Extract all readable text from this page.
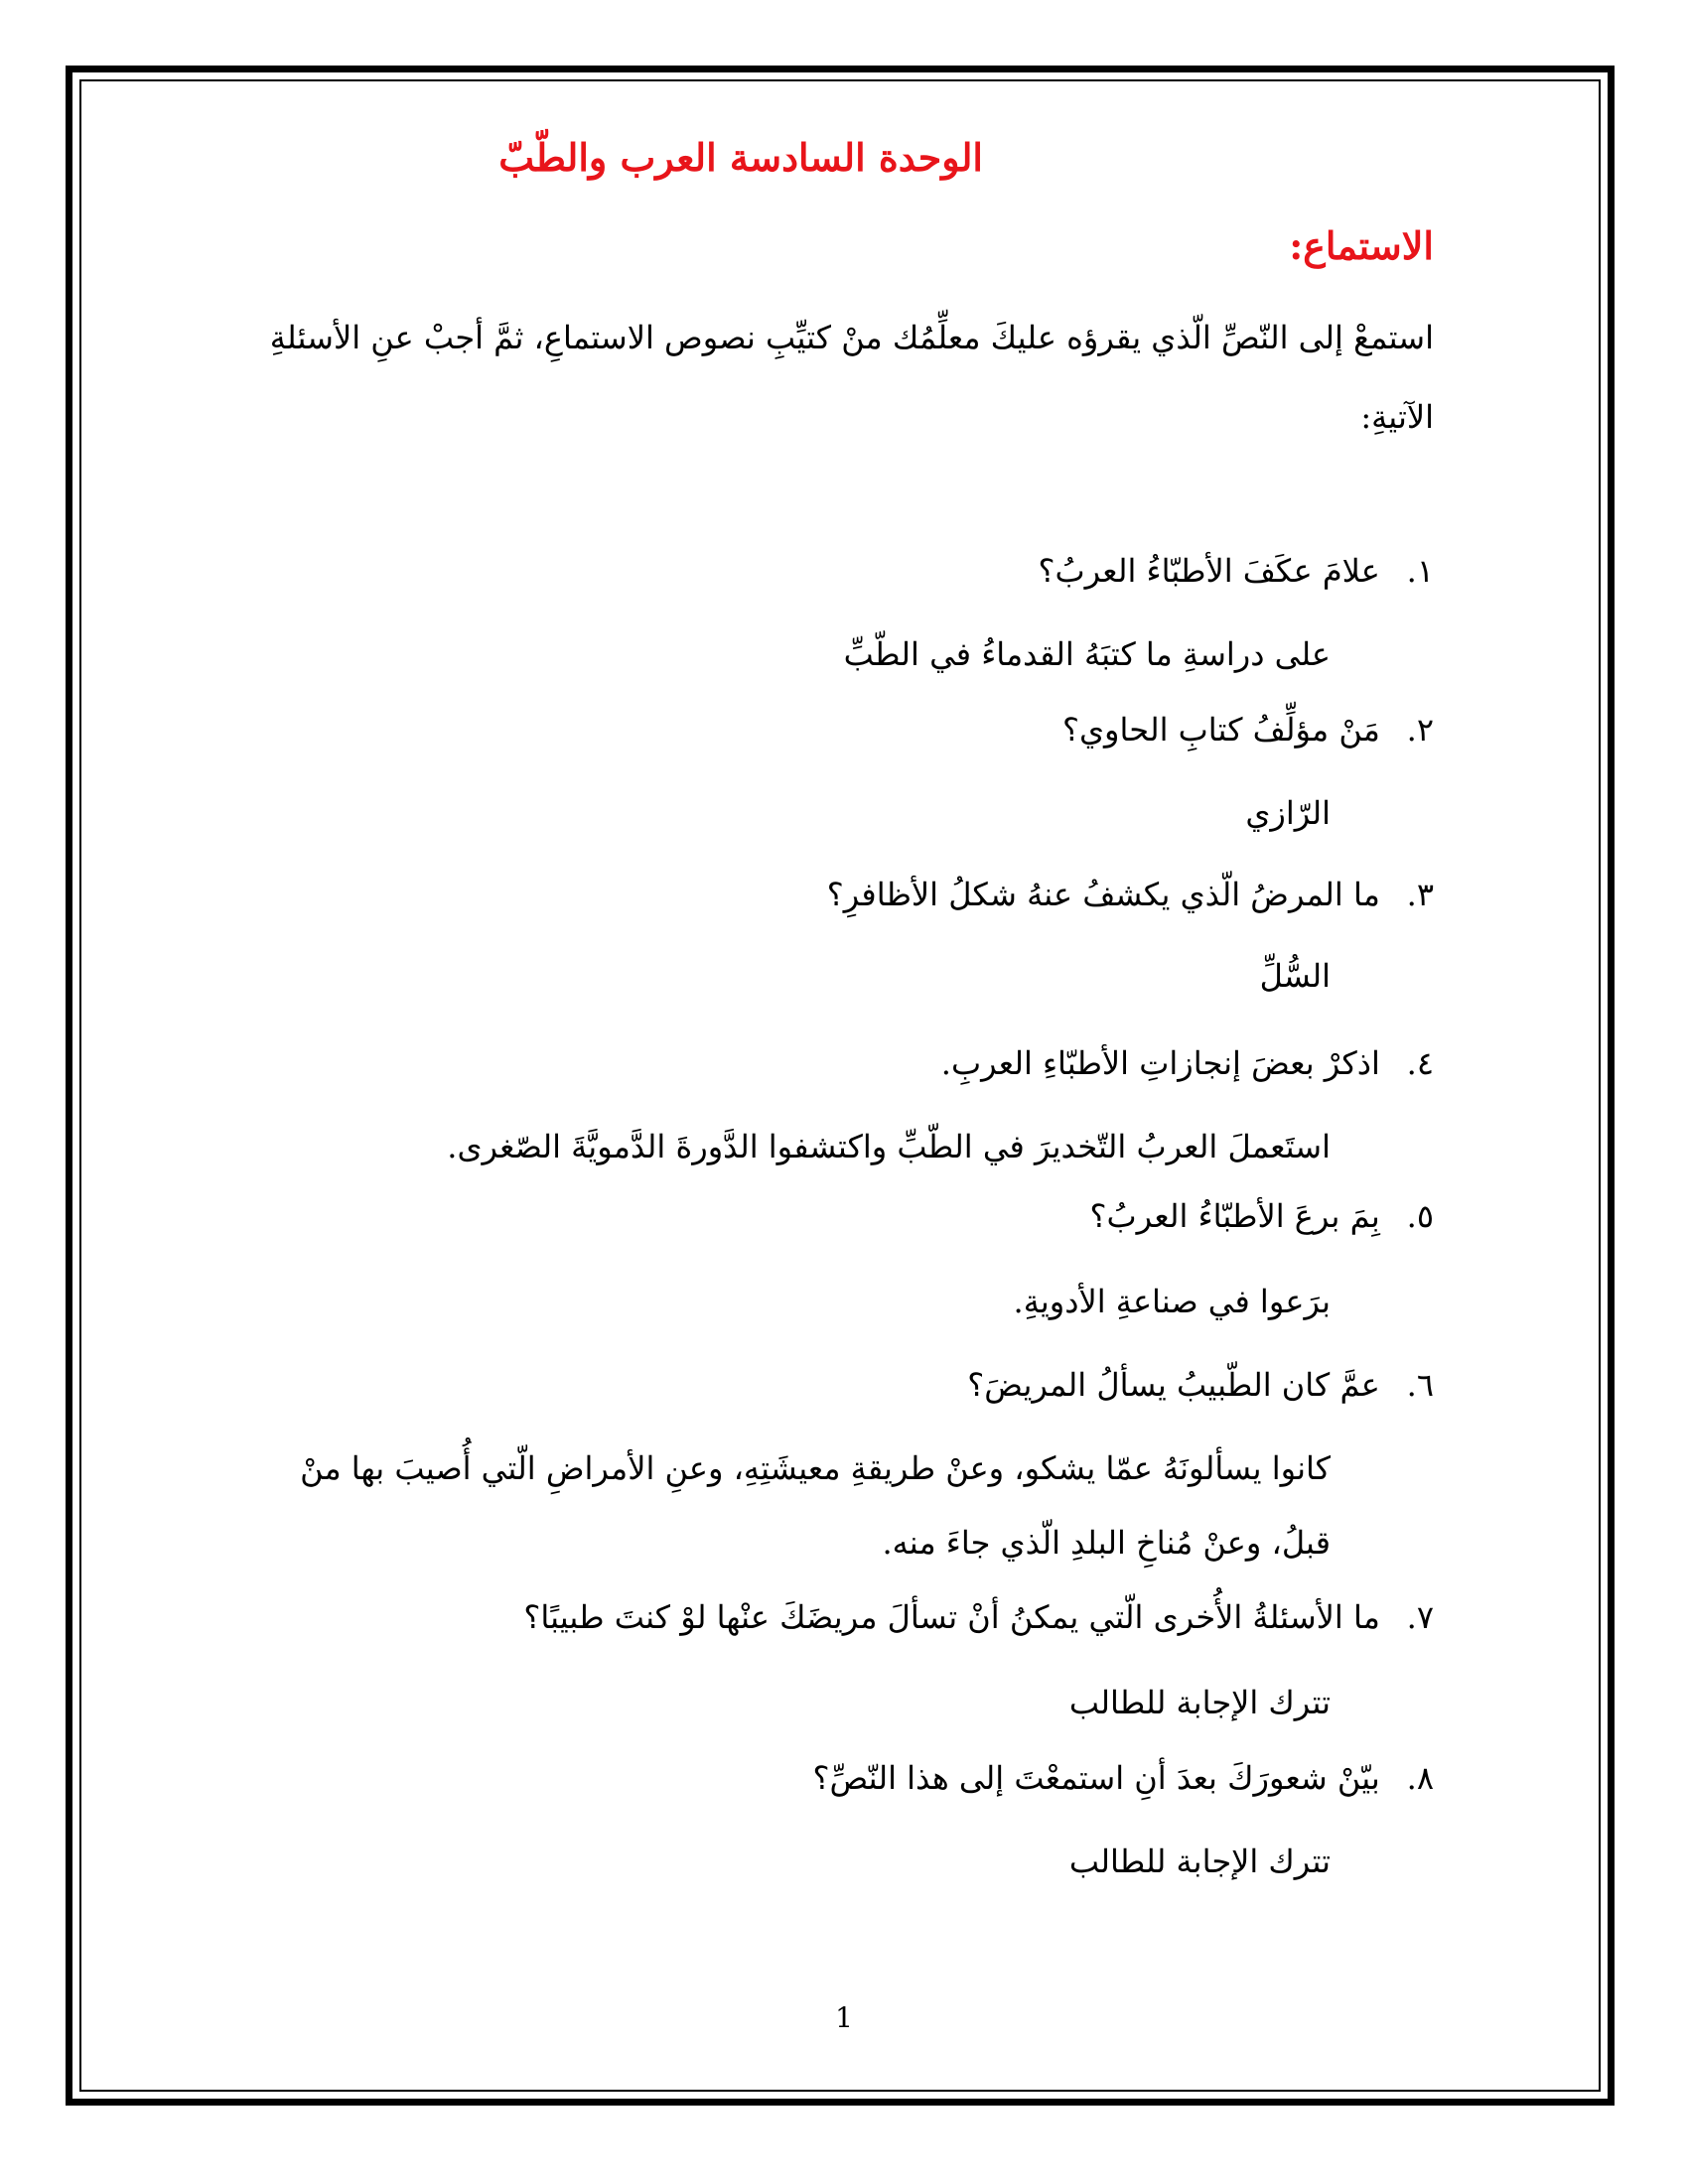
الوحدة السادسة العرب والطّبّ
الاستماع:
استمعْ إلى النّصِّ الّذي يقرؤه عليكَ معلِّمُك منْ كتيِّبِ نصوص الاستماعِ، ثمَّ أجبْ عنِ الأسئلةِ الآتيةِ:
١. علامَ عكَفَ الأطبّاءُ العربُ؟
على دراسةِ ما كتبَهُ القدماءُ في الطّبِّ
٢. مَنْ مؤلِّفُ كتابِ الحاوي؟
الرّازي
٣. ما المرضُ الّذي يكشفُ عنهُ شكلُ الأظافرِ؟
السُّلِّ
٤. اذكرْ بعضَ إنجازاتِ الأطبّاءِ العربِ.
استَعملَ العربُ التّخديرَ في الطّبِّ واكتشفوا الدَّورةَ الدَّمويَّةَ الصّغرى.
٥. بِمَ برعَ الأطبّاءُ العربُ؟
برَعوا في صناعةِ الأدويةِ.
٦. عمَّ كان الطّبيبُ يسألُ المريضَ؟
كانوا يسألونَهُ عمّا يشكو، وعنْ طريقةِ معيشَتِهِ، وعنِ الأمراضِ الّتي أُصيبَ بها منْ قبلُ، وعنْ مُناخِ البلدِ الّذي جاءَ منه.
٧. ما الأسئلةُ الأُخرى الّتي يمكنُ أنْ تسألَ مريضَكَ عنْها لوْ كنتَ طبيبًا؟
تترك الإجابة للطالب
٨. بيّنْ شعورَكَ بعدَ أنِ استمعْتَ إلى هذا النّصِّ؟
تترك الإجابة للطالب
1
